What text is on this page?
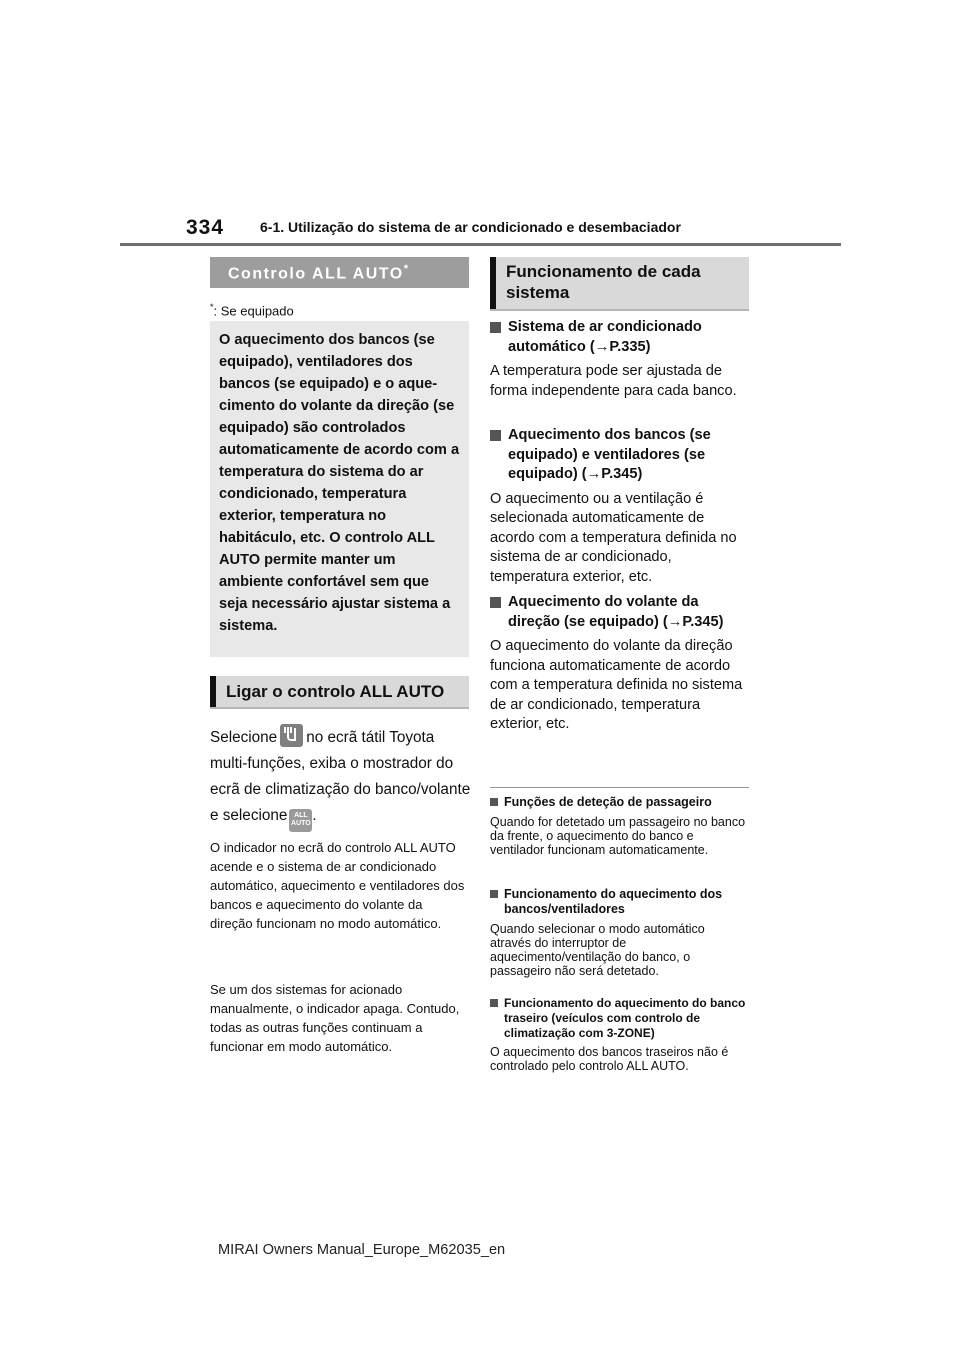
334	6-1. Utilização do sistema de ar condicionado e desembaciador
Controlo ALL AUTO*
*: Se equipado
O aquecimento dos bancos (se equipado), ventiladores dos bancos (se equipado) e o aque-cimento do volante da direção (se equipado) são controlados automaticamente de acordo com a temperatura do sistema do ar condicionado, temperatura exterior, temperatura no habitáculo, etc. O controlo ALL AUTO permite manter um ambiente confortável sem que seja necessário ajustar sistema a sistema.
Ligar o controlo ALL AUTO
Selecione no ecrã tátil Toyota multi-funções, exiba o mostrador do ecrã de climatização do banco/volante e selecione ALL AUTO .
O indicador no ecrã do controlo ALL AUTO acende e o sistema de ar condicionado automático, aquecimento e ventiladores dos bancos e aquecimento do volante da direção funcionam no modo automático.
Se um dos sistemas for acionado manualmente, o indicador apaga. Contudo, todas as outras funções continuam a funcionar em modo automático.
Funcionamento de cada sistema
Sistema de ar condicionado automático (→P.335)
A temperatura pode ser ajustada de forma independente para cada banco.
Aquecimento dos bancos (se equipado) e ventiladores (se equipado) (→P.345)
O aquecimento ou a ventilação é selecionada automaticamente de acordo com a temperatura definida no sistema de ar condicionado, temperatura exterior, etc.
Aquecimento do volante da direção (se equipado) (→P.345)
O aquecimento do volante da direção funciona automaticamente de acordo com a temperatura definida no sistema de ar condicionado, temperatura exterior, etc.
Funções de deteção de passageiro
Quando for detetado um passageiro no banco da frente, o aquecimento do banco e ventilador funcionam automaticamente.
Funcionamento do aquecimento dos bancos/ventiladores
Quando selecionar o modo automático através do interruptor de aquecimento/ventilação do banco, o passageiro não será detetado.
Funcionamento do aquecimento do banco traseiro (veículos com controlo de climatização com 3-ZONE)
O aquecimento dos bancos traseiros não é controlado pelo controlo ALL AUTO.
MIRAI Owners Manual_Europe_M62035_en
